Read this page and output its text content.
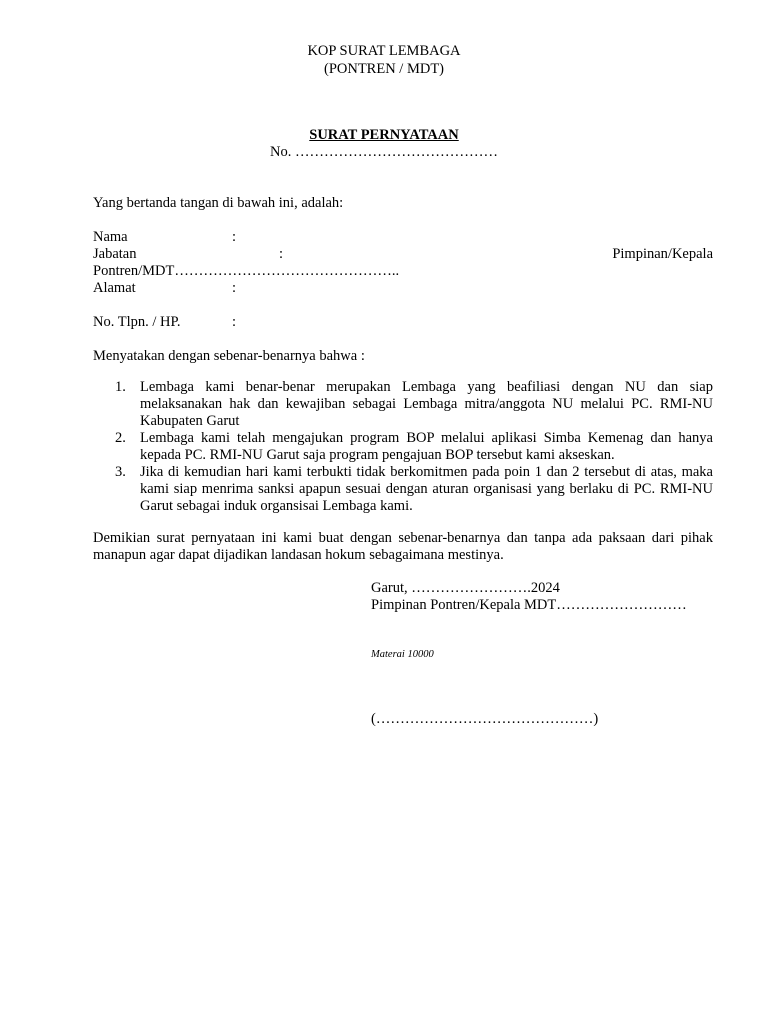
KOP SURAT LEMBAGA
(PONTREN / MDT)
SURAT PERNYATAAN
No. ……………………………………
Yang bertanda tangan di bawah ini, adalah:
Nama	:
Jabatan	:	Pimpinan/Kepala
Pontren/MDT………………………………………..
Alamat	:
No. Tlpn. / HP.	:
Menyatakan dengan sebenar-benarnya bahwa :
1. Lembaga kami benar-benar merupakan Lembaga yang beafiliasi dengan NU dan siap melaksanakan hak dan kewajiban sebagai Lembaga mitra/anggota NU melalui PC. RMI-NU Kabupaten Garut
2. Lembaga kami telah mengajukan program BOP melalui aplikasi Simba Kemenag dan hanya kepada PC. RMI-NU Garut saja program pengajuan BOP tersebut kami akseskan.
3. Jika di kemudian hari kami terbukti tidak berkomitmen pada poin 1 dan 2 tersebut di atas, maka kami siap menrima sanksi apapun sesuai dengan aturan organisasi yang berlaku di PC. RMI-NU Garut sebagai induk organsisai Lembaga kami.
Demikian surat pernyataan ini kami buat dengan sebenar-benarnya dan tanpa ada paksaan dari pihak manapun agar dapat dijadikan landasan hokum sebagaimana mestinya.
Garut, …………………….2024
Pimpinan Pontren/Kepala MDT………………………
Materai 10000
(………………………………………)
